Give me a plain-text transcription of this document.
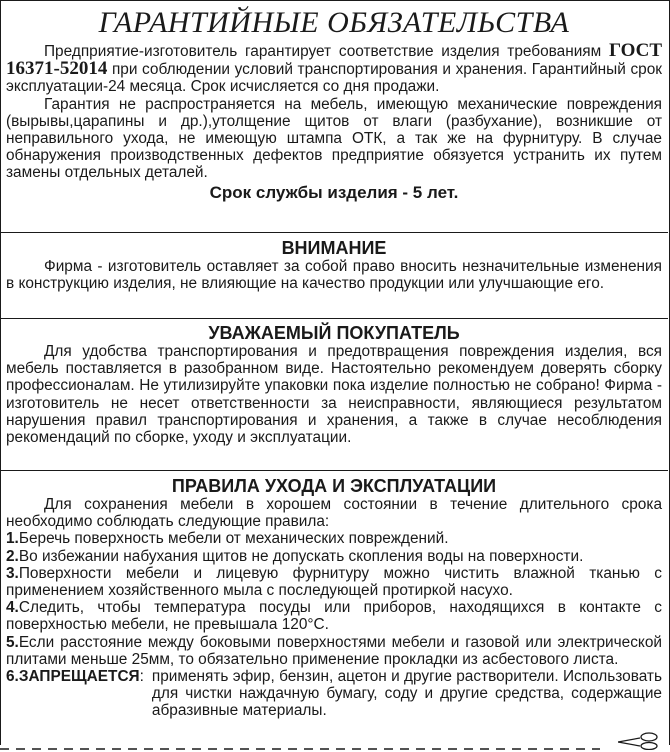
ГАРАНТИЙНЫЕ ОБЯЗАТЕЛЬСТВА

Предприятие-изготовитель гарантирует соответствие изделия требованиям ГОСТ 16371-52014 при соблюдении условий транспортирования и хранения. Гарантийный срок эксплуатации-24 месяца. Срок исчисляется со дня продажи.

Гарантия не распространяется на мебель, имеющую механические повреждения (вырывы,царапины и др.),утолщение щитов от влаги (разбухание), возникшие от неправильного ухода, не имеющую штампа ОТК, а так же на фурнитуру. В случае обнаружения производственных дефектов предприятие обязуется устранить их путем замены отдельных деталей.

Срок службы изделия - 5 лет.
ВНИМАНИЕ

Фирма - изготовитель оставляет за собой право вносить незначительные изменения в конструкцию изделия, не влияющие на качество продукции или улучшающие его.

УВАЖАЕМЫЙ ПОКУПАТЕЛЬ

Для удобства транспортирования и предотвращения повреждения изделия, вся мебель поставляется в разобранном виде. Настоятельно рекомендуем доверять сборку профессионалам. Не утилизируйте упаковки пока изделие полностью не собрано! Фирма - изготовитель не несет ответственности за неисправности, являющиеся результатом нарушения правил транспортирования и хранения, а также в случае несоблюдения рекомендаций по сборке, уходу и эксплуатации.

ПРАВИЛА УХОДА И ЭКСПЛУАТАЦИИ

Для сохранения мебели в хорошем состоянии в течение длительного срока необходимо соблюдать следующие правила:

1.Беречь поверхность мебели от механических повреждений.

2.Во избежании набухания щитов не допускать скопления воды на поверхности.

3.Поверхности мебели и лицевую фурнитуру можно чистить влажной тканью с применением хозяйственного мыла с последующей протиркой насухо.

4.Следить, чтобы температура посуды или приборов, находящихся в контакте с поверхностью мебели, не превышала 120°С.

5.Если расстояние между боковыми поверхностями мебели и газовой или электрической плитами меньше 25мм, то обязательно применение прокладки из асбестового листа.

6.ЗАПРЕЩАЕТСЯ: применять эфир, бензин, ацетон и другие растворители. Использовать для чистки наждачную бумагу, соду и другие средства, содержащие абразивные материалы.
